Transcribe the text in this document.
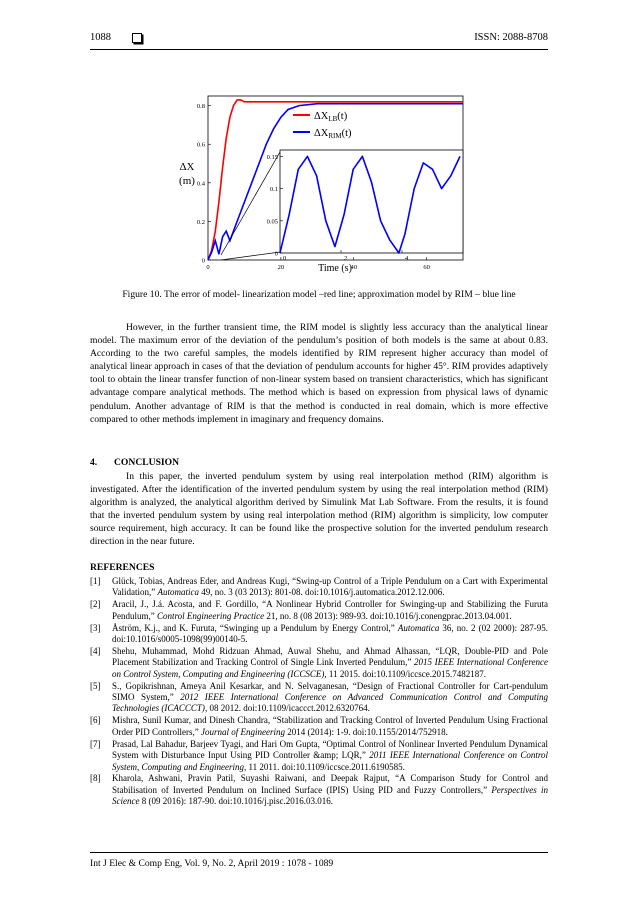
1088	ISSN: 2088-8708
0
0.2
0.4
0.6
0.8
0	20	40	60
ΔX
(m)
Time (s)
ΔXLB(t)
ΔXRIM(t)
0
0.05
0.1
0.15
0	2	4
Figure 10. The error of model- linearization model –red line; approximation model by RIM – blue line

However, in the further transient time, the RIM model is slightly less accuracy than the analytical linear model. The maximum error of the deviation of the pendulum’s position of both models is the same at about 0.83. According to the two careful samples, the models identified by RIM represent higher accuracy than model of analytical linear approach in cases of that the deviation of pendulum accounts for higher 45°. RIM provides adaptively tool to obtain the linear transfer function of non-linear system based on transient characteristics, which has significant advantage compare analytical methods. The method which is based on expression from physical laws of dynamic pendulum. Another advantage of RIM is that the method is conducted in real domain, which is more effective compared to other methods implement in imaginary and frequency domains.

4. CONCLUSION

In this paper, the inverted pendulum system by using real interpolation method (RIM) algorithm is investigated. After the identification of the inverted pendulum system by using the real interpolation method (RIM) algorithm is analyzed, the analytical algorithm derived by Simulink Mat Lab Software. From the results, it is found that the inverted pendulum system by using real interpolation method (RIM) algorithm is simplicity, low computer source requirement, high accuracy. It can be found like the prospective solution for the inverted pendulum research direction in the near future.

REFERENCES
[1] Glück, Tobias, Andreas Eder, and Andreas Kugi, “Swing-up Control of a Triple Pendulum on a Cart with Experimental Validation,” Automatica 49, no. 3 (03 2013): 801-08. doi:10.1016/j.automatica.2012.12.006.
[2] Aracil, J., J.á. Acosta, and F. Gordillo, “A Nonlinear Hybrid Controller for Swinging-up and Stabilizing the Furuta Pendulum,” Control Engineering Practice 21, no. 8 (08 2013): 989-93. doi:10.1016/j.conengprac.2013.04.001.
[3] Åström, K.j., and K. Furuta, “Swinging up a Pendulum by Energy Control,” Automatica 36, no. 2 (02 2000): 287-95. doi:10.1016/s0005-1098(99)00140-5.
[4] Shehu, Muhammad, Mohd Ridzuan Ahmad, Auwal Shehu, and Ahmad Alhassan, “LQR, Double-PID and Pole Placement Stabilization and Tracking Control of Single Link Inverted Pendulum,” 2015 IEEE International Conference on Control System, Computing and Engineering (ICCSCE), 11 2015. doi:10.1109/iccsce.2015.7482187.
[5] S., Gopikrishnan, Ameya Anil Kesarkar, and N. Selvaganesan, “Design of Fractional Controller for Cart-pendulum SIMO System,” 2012 IEEE International Conference on Advanced Communication Control and Computing Technologies (ICACCCT), 08 2012. doi:10.1109/icaccct.2012.6320764.
[6] Mishra, Sunil Kumar, and Dinesh Chandra, “Stabilization and Tracking Control of Inverted Pendulum Using Fractional Order PID Controllers,” Journal of Engineering 2014 (2014): 1-9. doi:10.1155/2014/752918.
[7] Prasad, Lal Bahadur, Barjeev Tyagi, and Hari Om Gupta, “Optimal Control of Nonlinear Inverted Pendulum Dynamical System with Disturbance Input Using PID Controller &amp; LQR,” 2011 IEEE International Conference on Control System, Computing and Engineering, 11 2011. doi:10.1109/iccsce.2011.6190585.
[8] Kharola, Ashwani, Pravin Patil, Suyashi Raiwani, and Deepak Rajput, “A Comparison Study for Control and Stabilisation of Inverted Pendulum on Inclined Surface (IPIS) Using PID and Fuzzy Controllers,” Perspectives in Science 8 (09 2016): 187-90. doi:10.1016/j.pisc.2016.03.016.
Int J Elec & Comp Eng, Vol. 9, No. 2, April 2019 : 1078 - 1089
